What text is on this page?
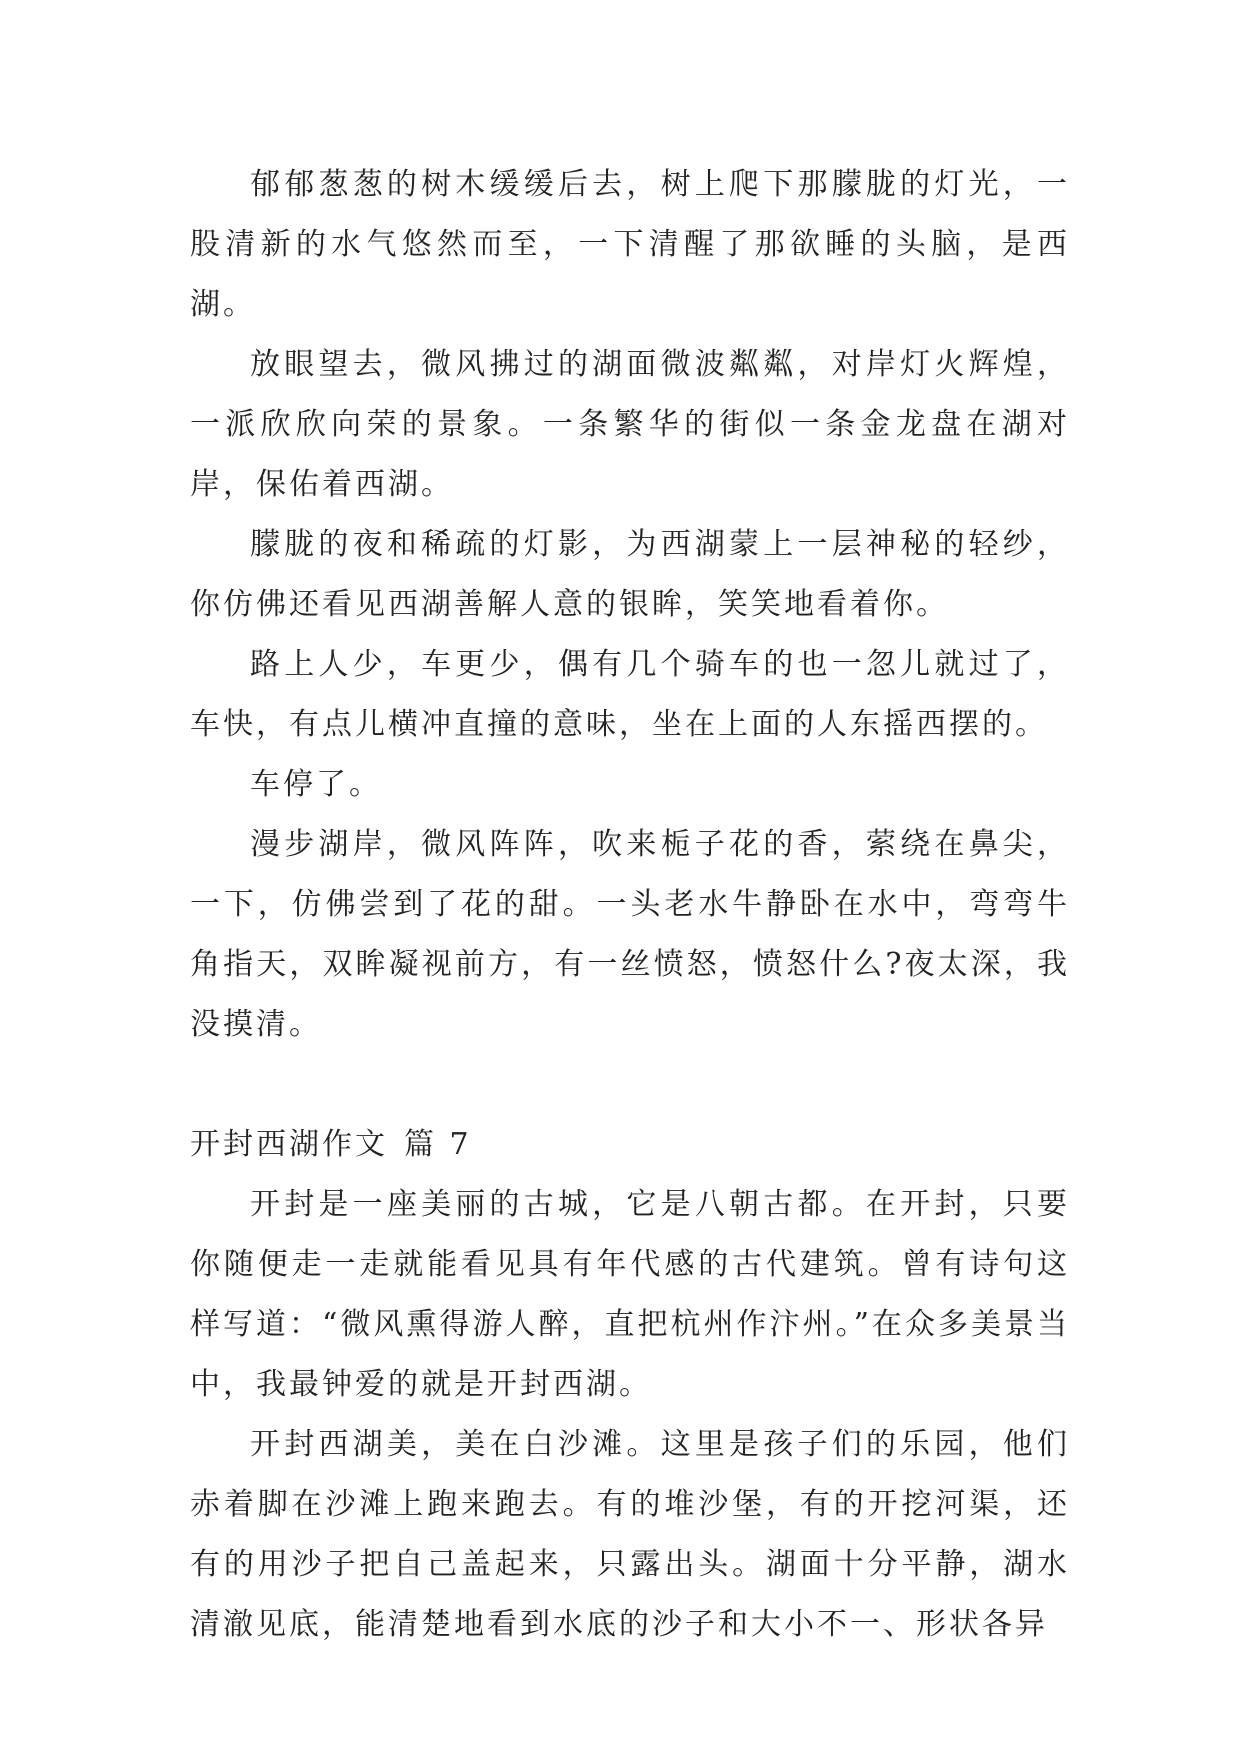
郁郁葱葱的树木缓缓后去，树上爬下那朦胧的灯光，一股清新的水气悠然而至，一下清醒了那欲睡的头脑，是西湖。

放眼望去，微风拂过的湖面微波粼粼，对岸灯火辉煌，一派欣欣向荣的景象。一条繁华的街似一条金龙盘在湖对岸，保佑着西湖。

朦胧的夜和稀疏的灯影，为西湖蒙上一层神秘的轻纱，你仿佛还看见西湖善解人意的银眸，笑笑地看着你。

路上人少，车更少，偶有几个骑车的也一忽儿就过了，车快，有点儿横冲直撞的意味，坐在上面的人东摇西摆的。

车停了。

漫步湖岸，微风阵阵，吹来栀子花的香，萦绕在鼻尖，一下，仿佛尝到了花的甜。一头老水牛静卧在水中，弯弯牛角指天，双眸凝视前方，有一丝愤怒，愤怒什么?夜太深，我没摸清。

开封西湖作文 篇 7

开封是一座美丽的古城，它是八朝古都。在开封，只要你随便走一走就能看见具有年代感的古代建筑。曾有诗句这样写道：“微风熏得游人醉，直把杭州作汴州。”在众多美景当中，我最钟爱的就是开封西湖。

开封西湖美，美在白沙滩。这里是孩子们的乐园，他们赤着脚在沙滩上跑来跑去。有的堆沙堡，有的开挖河渠，还有的用沙子把自己盖起来，只露出头。湖面十分平静，湖水清澈见底，能清楚地看到水底的沙子和大小不一、形状各异
